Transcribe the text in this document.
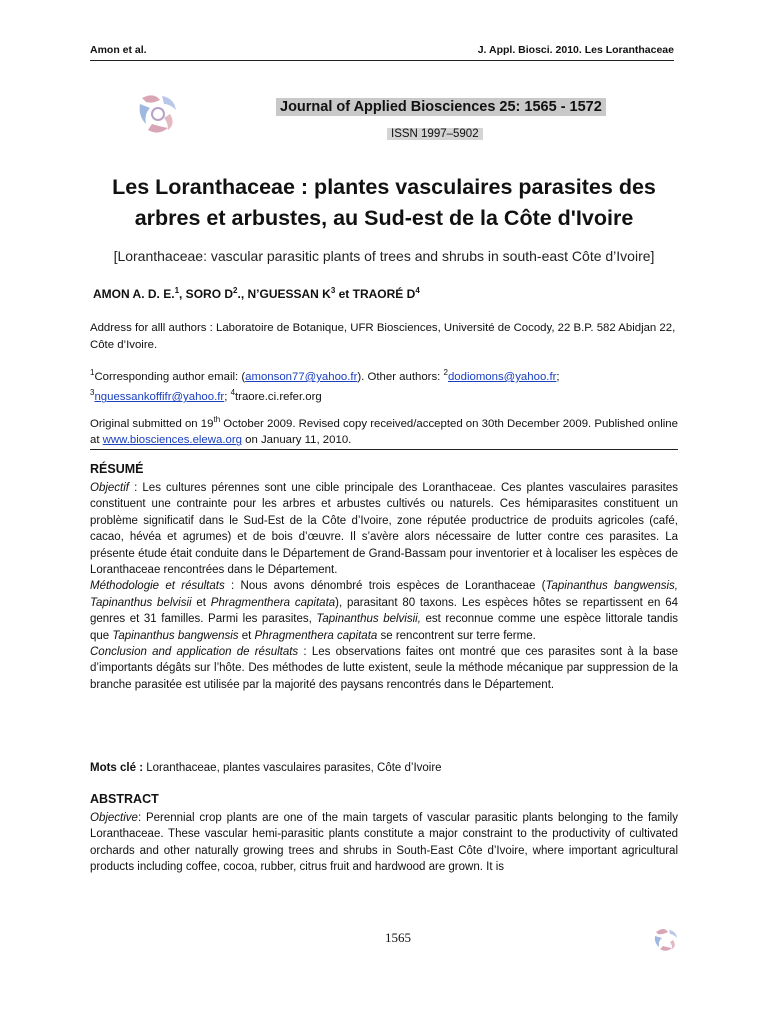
Amon et al.	J. Appl. Biosci. 2010. Les Loranthaceae
Journal of Applied Biosciences 25: 1565 - 1572
ISSN 1997–5902
Les Loranthaceae : plantes vasculaires parasites des
arbres et arbustes, au Sud-est de la Côte d'Ivoire
[Loranthaceae: vascular parasitic plants of trees and shrubs in south-east Côte d’Ivoire]
AMON A. D. E.$^1$, SORO $D^2$., N’GUESSAN $K^3$ et TRAORÉ $D^4$
Address for alll authors : Laboratoire de Botanique, UFR Biosciences, Université de Cocody, 22 B.P. 582 Abidjan 22,
Côte d’Ivoire.
$^1$Corresponding author email: (amonson77@yahoo.fr). Other authors: $^2$dodiomons@yahoo.fr;
$^3$nguessankoffifr@yahoo.fr; $^4$traore.ci.refer.org
Original submitted on 19th October 2009. Revised copy received/accepted on 30th December 2009. Published online
at www.biosciences.elewa.org on January 11, 2010.
RÉSUMÉ

Objectif : Les cultures pérennes sont une cible principale des Loranthaceae. Ces plantes vasculaires parasites constituent une contrainte pour les arbres et arbustes cultivés ou naturels. Ces hémiparasites constituent un problème significatif dans le Sud-Est de la Côte d’Ivoire, zone réputée productrice de produits agricoles (café, cacao, hévéa et agrumes) et de bois d’œuvre. Il s’avère alors nécessaire de lutter contre ces parasites. La présente étude était conduite dans le Département de Grand-Bassam pour inventorier et à localiser les espèces de Loranthaceae rencontrées dans le Département.

Méthodologie et résultats : Nous avons dénombré trois espèces de Loranthaceae (Tapinanthus bangwensis, Tapinanthus belvisii et Phragmenthera capitata), parasitant 80 taxons. Les espèces hôtes se repartissent en 64 genres et 31 familles. Parmi les parasites, Tapinanthus belvisii, est reconnue comme une espèce littorale tandis que Tapinanthus bangwensis et Phragmenthera capitata se rencontrent sur terre ferme.

Conclusion and application de résultats : Les observations faites ont montré que ces parasites sont à la base d’importants dégâts sur l’hôte. Des méthodes de lutte existent, seule la méthode mécanique par suppression de la branche parasitée est utilisée par la majorité des paysans rencontrés dans le Département.

Mots clé : Loranthaceae, plantes vasculaires parasites, Côte d’Ivoire
ABSTRACT

Objective: Perennial crop plants are one of the main targets of vascular parasitic plants belonging to the family Loranthaceae. These vascular hemi-parasitic plants constitute a major constraint to the productivity of cultivated orchards and other naturally growing trees and shrubs in South-East Côte d’Ivoire, where important agricultural products including coffee, cocoa, rubber, citrus fruit and hardwood are grown. It is

1565
